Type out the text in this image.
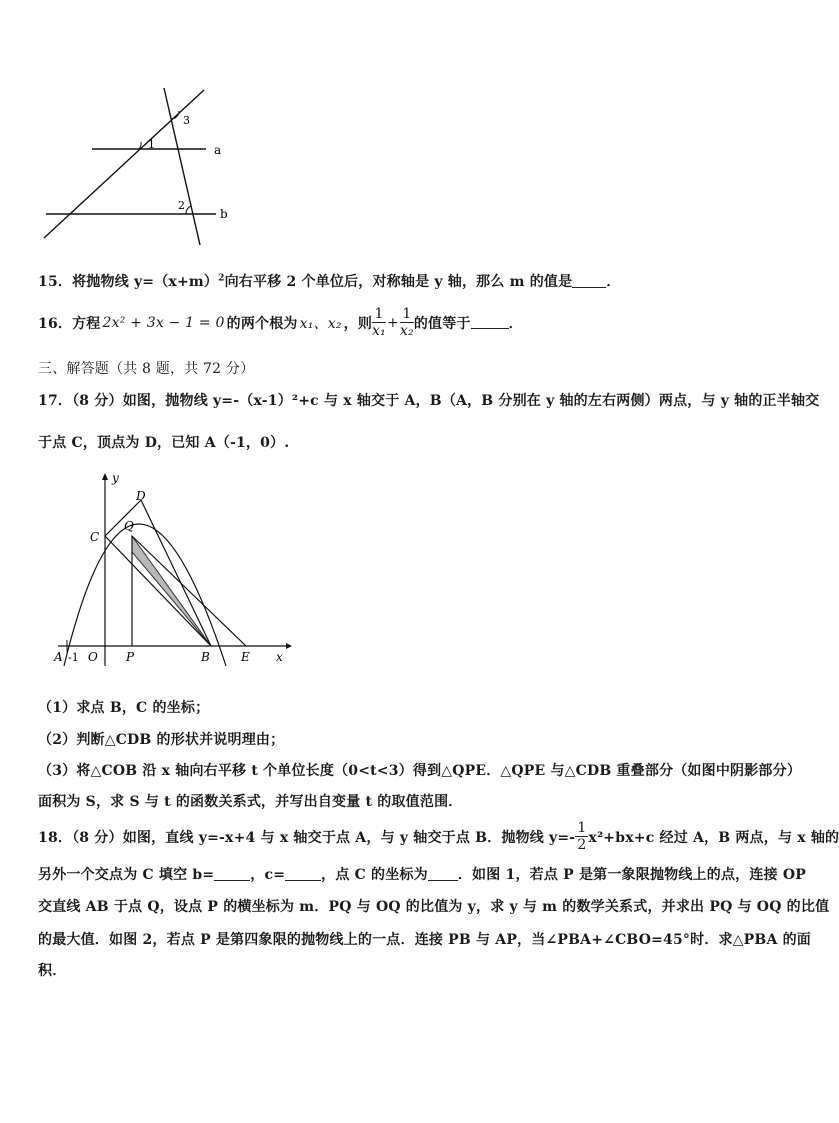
1
2
3
a
b
15．将抛物线 $y=(x+m)^2$向右平移 2 个单位后，对称轴是 y 轴，那么 m 的值是 ．
16． 方程 2x² + 3x − 1 = 0 的两个根为 x₁、x₂ ，则 $\frac{1}{\text{x₁}} + \frac{1}{\text{x₂}}$ 的值等于	．
三、解答题（共 8 题，共 72 分）
17．（8 分）如图，抛物线 y=-（x-1）²+c 与 x 轴交于 A，B（A，B 分别在 y 轴的左右两侧）两点，与 y 轴的正半轴交
于点 C，顶点为 D，已知 A（-1，0）.
y
x
D
C
Q
A -1 O P	B	E
（1）求点 B，C 的坐标；
（2）判断△CDB 的形状并说明理由；
（3）将△COB 沿 x 轴向右平移 t 个单位长度（0<t<3）得到△QPE．△QPE 与△CDB 重叠部分（如图中阴影部分）
面积为 S，求 S 与 t 的函数关系式，并写出自变量 t 的取值范围．
18．（8 分）如图，直线 y=-x+4 与 x 轴交于点 A，与 y 轴交于点 B．抛物线 $y=- \frac{1}{2} x^2+bx+c$ 经过 A，B 两点，与 x 轴的
另外一个交点为 C 填空 b=	，c=	，点 C 的坐标为 ．如图 1，若点 P 是第一象限抛物线上的点，连接 OP
交直线 AB 于点 Q，设点 P 的横坐标为 m．PQ 与 OQ 的比值为 y，求 y 与 m 的数学关系式，并求出 PQ 与 OQ 的比值
的最大值．如图 2，若点 P 是第四象限的抛物线上的一点．连接 PB 与 AP，当∠PBA+∠CBO=45°时．求△PBA 的面
积．
